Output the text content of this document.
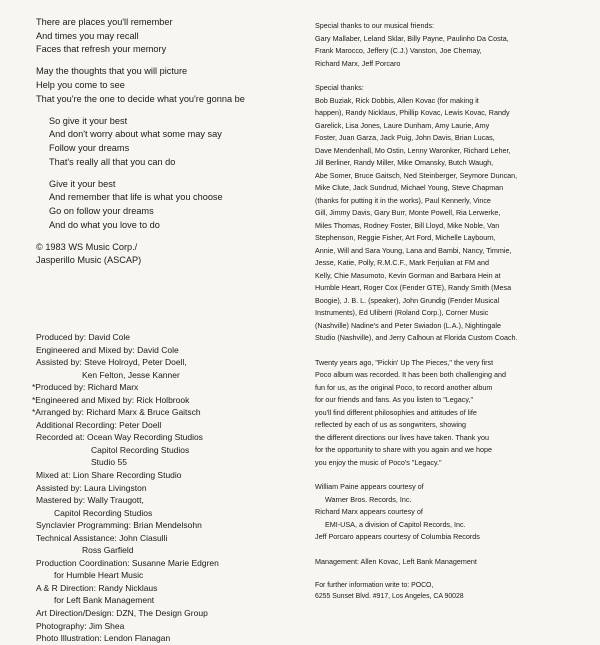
There are places you'll remember
And times you may recall
Faces that refresh your memory
May the thoughts that you will picture
Help you come to see
That you're the one to decide what you're gonna be
So give it your best
And don't worry about what some may say
Follow your dreams
That's really all that you can do
Give it your best
And remember that life is what you choose
Go on follow your dreams
And do what you love to do
© 1983 WS Music Corp./
Jasperillo Music (ASCAP)
Produced by: David Cole
Engineered and Mixed by: David Cole
Assisted by: Steve Holroyd, Peter Doell,
Ken Felton, Jesse Kanner
*Produced by: Richard Marx
*Engineered and Mixed by: Rick Holbrook
*Arranged by: Richard Marx & Bruce Gaitsch
Additional Recording: Peter Doell
Recorded at: Ocean Way Recording Studios
Capitol Recording Studios
Studio 55
Mixed at: Lion Share Recording Studio
Assisted by: Laura Livingston
Mastered by: Wally Traugott,
Capitol Recording Studios
Synclavier Programming: Brian Mendelsohn
Technical Assistance: John Ciasulli
Ross Garfield
Production Coordination: Susanne Marie Edgren
for Humble Heart Music
A & R Direction: Randy Nicklaus
for Left Bank Management
Art Direction/Design: DZN, The Design Group
Photography: Jim Shea
Photo Illustration: Lendon Flanagan
Special thanks to our musical friends:
Gary Mallaber, Leland Sklar, Billy Payne, Paulinho Da Costa,
Frank Marocco, Jeffery (C.J.) Vanston, Joe Chemay,
Richard Marx, Jeff Porcaro
Special thanks:
Bob Buziak, Rick Dobbis, Allen Kovac (for making it
happen), Randy Nicklaus, Phillip Kovac, Lewis Kovac, Randy
Garelick, Lisa Jones, Laure Dunham, Amy Laurie, Amy
Foster, Juan Garza, Jack Puig, John Davis, Brian Lucas,
Dave Mendenhall, Mo Ostin, Lenny Waronker, Richard Leher,
Jill Berliner, Randy Miller, Mike Omansky, Butch Waugh,
Abe Somer, Bruce Gaitsch, Ned Steinberger, Seymore Duncan,
Mike Clute, Jack Sundrud, Michael Young, Steve Chapman
(thanks for putting it in the works), Paul Kennerly, Vince
Gill, Jimmy Davis, Gary Burr, Monte Powell, Ria Lerwerke,
Miles Thomas, Rodney Foster, Bill Lloyd, Mike Noble, Van
Stephenson, Reggie Fisher, Art Ford, Michelle Laybourn,
Annie, Will and Sara Young, Lana and Bambi, Nancy, Timmie,
Jesse, Katie, Polly, R.M.C.F., Mark Ferjulian at FM and
Kelly, Chie Masumoto, Kevin Gorman and Barbara Hein at
Humble Heart, Roger Cox (Fender GTE), Randy Smith (Mesa
Boogie), J. B. L. (speaker), John Grundig (Fender Musical
Instruments), Ed Uliberri (Roland Corp.), Corner Music
(Nashville) Nadine's and Peter Swiadon (L.A.), Nightingale
Studio (Nashville), and Jerry Calhoun at Florida Custom Coach.
Twenty years ago, "Pickin' Up The Pieces," the very first
Poco album was recorded. It has been both challenging and
fun for us, as the original Poco, to record another album
for our friends and fans. As you listen to "Legacy,"
you'll find different philosophies and attitudes of life
reflected by each of us as songwriters, showing
the different directions our lives have taken. Thank you
for the opportunity to share with you again and we hope
you enjoy the music of Poco's "Legacy."
William Paine appears courtesy of
Warner Bros. Records, Inc.
Richard Marx appears courtesy of
EMI-USA, a division of Capitol Records, Inc.
Jeff Porcaro appears courtesy of Columbia Records
Management: Allen Kovac, Left Bank Management
For further information write to: POCO,
6255 Sunset Blvd. #917, Los Angeles, CA 90028
